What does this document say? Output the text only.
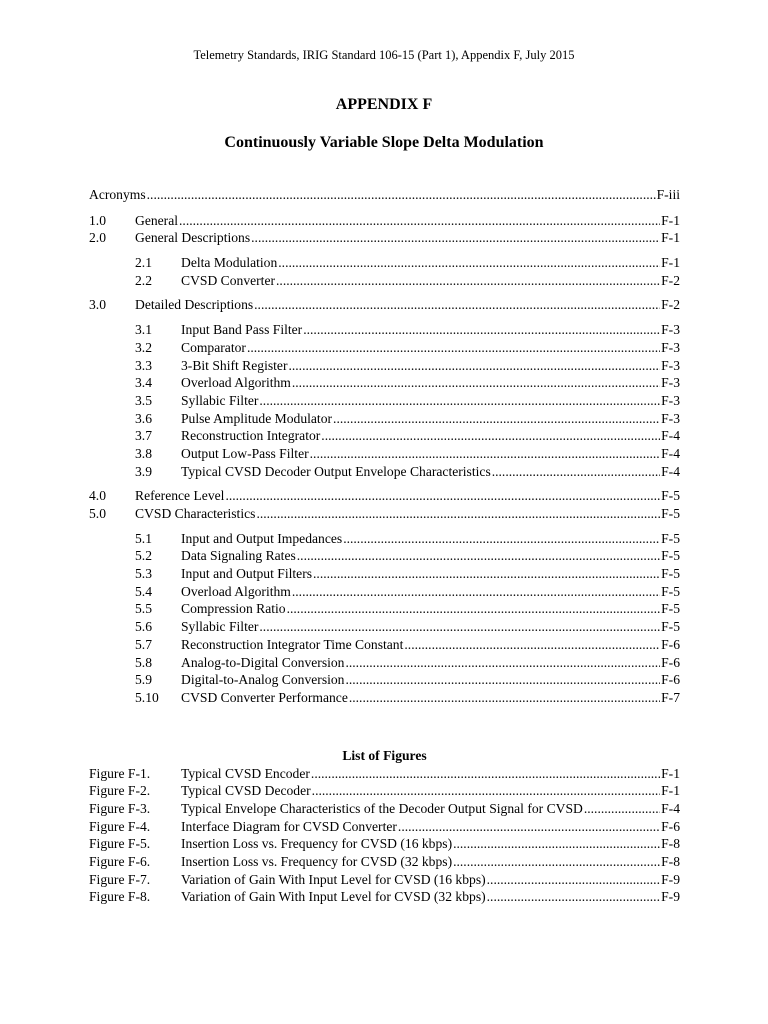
Telemetry Standards, IRIG Standard 106-15 (Part 1), Appendix F, July 2015
APPENDIX F
Continuously Variable Slope Delta Modulation
Acronyms .....	F-iii
1.0	General .....	F-1
2.0	General Descriptions .....	F-1
2.1	Delta Modulation .....	F-1
2.2	CVSD Converter .....	F-2
3.0	Detailed Descriptions .....	F-2
3.1	Input Band Pass Filter .....	F-3
3.2	Comparator .....	F-3
3.3	3-Bit Shift Register .....	F-3
3.4	Overload Algorithm .....	F-3
3.5	Syllabic Filter .....	F-3
3.6	Pulse Amplitude Modulator .....	F-3
3.7	Reconstruction Integrator .....	F-4
3.8	Output Low-Pass Filter .....	F-4
3.9	Typical CVSD Decoder Output Envelope Characteristics .....	F-4
4.0	Reference Level .....	F-5
5.0	CVSD Characteristics .....	F-5
5.1	Input and Output Impedances .....	F-5
5.2	Data Signaling Rates .....	F-5
5.3	Input and Output Filters .....	F-5
5.4	Overload Algorithm .....	F-5
5.5	Compression Ratio .....	F-5
5.6	Syllabic Filter .....	F-5
5.7	Reconstruction Integrator Time Constant .....	F-6
5.8	Analog-to-Digital Conversion .....	F-6
5.9	Digital-to-Analog Conversion .....	F-6
5.10	CVSD Converter Performance .....	F-7
List of Figures
Figure F-1.	Typical CVSD Encoder .....	F-1
Figure F-2.	Typical CVSD Decoder .....	F-1
Figure F-3.	Typical Envelope Characteristics of the Decoder Output Signal for CVSD .....	F-4
Figure F-4.	Interface Diagram for CVSD Converter .....	F-6
Figure F-5.	Insertion Loss vs. Frequency for CVSD (16 kbps) .....	F-8
Figure F-6.	Insertion Loss vs. Frequency for CVSD (32 kbps) .....	F-8
Figure F-7.	Variation of Gain With Input Level for CVSD (16 kbps) .....	F-9
Figure F-8.	Variation of Gain With Input Level for CVSD (32 kbps) .....	F-9
